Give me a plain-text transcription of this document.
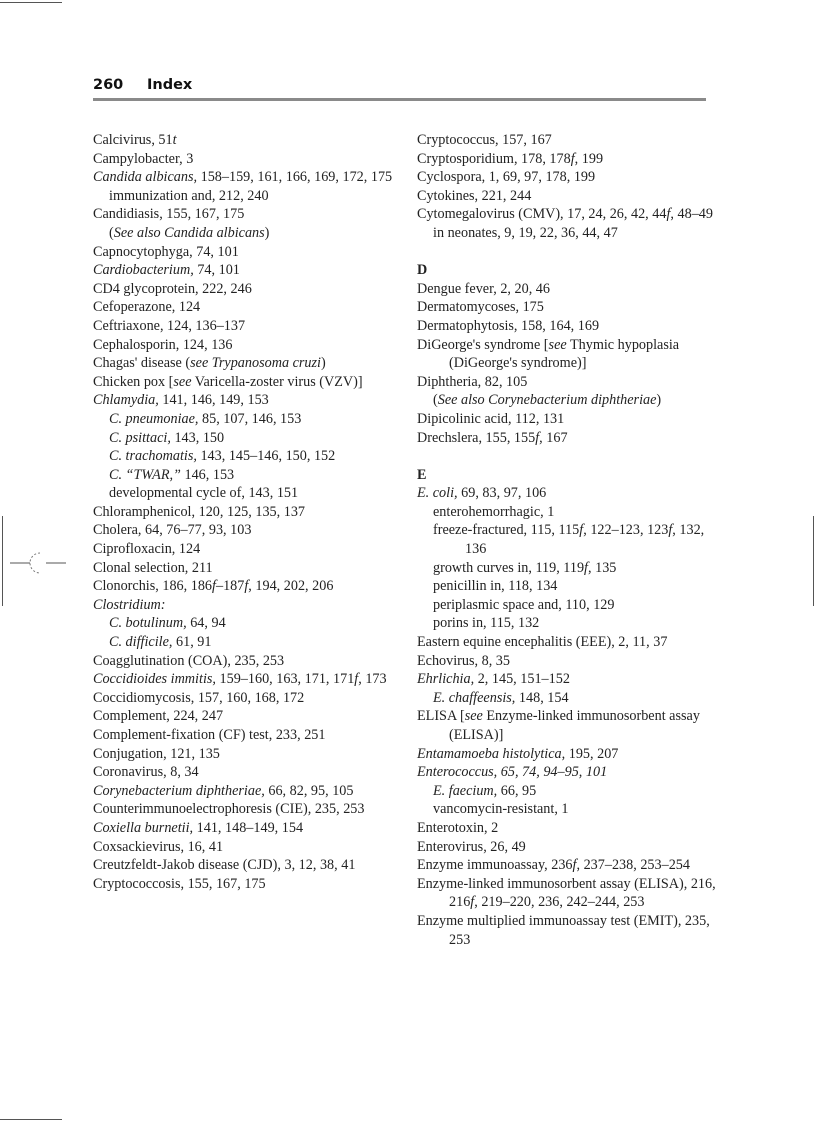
260 Index
Calcivirus, 51t
Campylobacter, 3
Candida albicans, 158–159, 161, 166, 169, 172, 175
immunization and, 212, 240
Candidiasis, 155, 167, 175
(See also Candida albicans)
Capnocytophyga, 74, 101
Cardiobacterium, 74, 101
CD4 glycoprotein, 222, 246
Cefoperazone, 124
Ceftriaxone, 124, 136–137
Cephalosporin, 124, 136
Chagas' disease (see Trypanosoma cruzi)
Chicken pox [see Varicella-zoster virus (VZV)]
Chlamydia, 141, 146, 149, 153
C. pneumoniae, 85, 107, 146, 153
C. psittaci, 143, 150
C. trachomatis, 143, 145–146, 150, 152
C. “TWAR,” 146, 153
developmental cycle of, 143, 151
Chloramphenicol, 120, 125, 135, 137
Cholera, 64, 76–77, 93, 103
Ciprofloxacin, 124
Clonal selection, 211
Clonorchis, 186, 186f–187f, 194, 202, 206
Clostridium:
C. botulinum, 64, 94
C. difficile, 61, 91
Coagglutination (COA), 235, 253
Coccidioides immitis, 159–160, 163, 171, 171f, 173
Coccidiomycosis, 157, 160, 168, 172
Complement, 224, 247
Complement-fixation (CF) test, 233, 251
Conjugation, 121, 135
Coronavirus, 8, 34
Corynebacterium diphtheriae, 66, 82, 95, 105
Counterimmunoelectrophoresis (CIE), 235, 253
Coxiella burnetii, 141, 148–149, 154
Coxsackievirus, 16, 41
Creutzfeldt-Jakob disease (CJD), 3, 12, 38, 41
Cryptococcosis, 155, 167, 175
Cryptococcus, 157, 167
Cryptosporidium, 178, 178f, 199
Cyclospora, 1, 69, 97, 178, 199
Cytokines, 221, 244
Cytomegalovirus (CMV), 17, 24, 26, 42, 44f, 48–49
in neonates, 9, 19, 22, 36, 44, 47
D
Dengue fever, 2, 20, 46
Dermatomycoses, 175
Dermatophytosis, 158, 164, 169
DiGeorge's syndrome [see Thymic hypoplasia (DiGeorge's syndrome)]
Diphtheria, 82, 105
(See also Corynebacterium diphtheriae)
Dipicolinic acid, 112, 131
Drechslera, 155, 155f, 167
E
E. coli, 69, 83, 97, 106
enterohemorrhagic, 1
freeze-fractured, 115, 115f, 122–123, 123f, 132, 136
growth curves in, 119, 119f, 135
penicillin in, 118, 134
periplasmic space and, 110, 129
porins in, 115, 132
Eastern equine encephalitis (EEE), 2, 11, 37
Echovirus, 8, 35
Ehrlichia, 2, 145, 151–152
E. chaffeensis, 148, 154
ELISA [see Enzyme-linked immunosorbent assay (ELISA)]
Entamamoeba histolytica, 195, 207
Enterococcus, 65, 74, 94–95, 101
E. faecium, 66, 95
vancomycin-resistant, 1
Enterotoxin, 2
Enterovirus, 26, 49
Enzyme immunoassay, 236f, 237–238, 253–254
Enzyme-linked immunosorbent assay (ELISA), 216, 216f, 219–220, 236, 242–244, 253
Enzyme multiplied immunoassay test (EMIT), 235, 253
